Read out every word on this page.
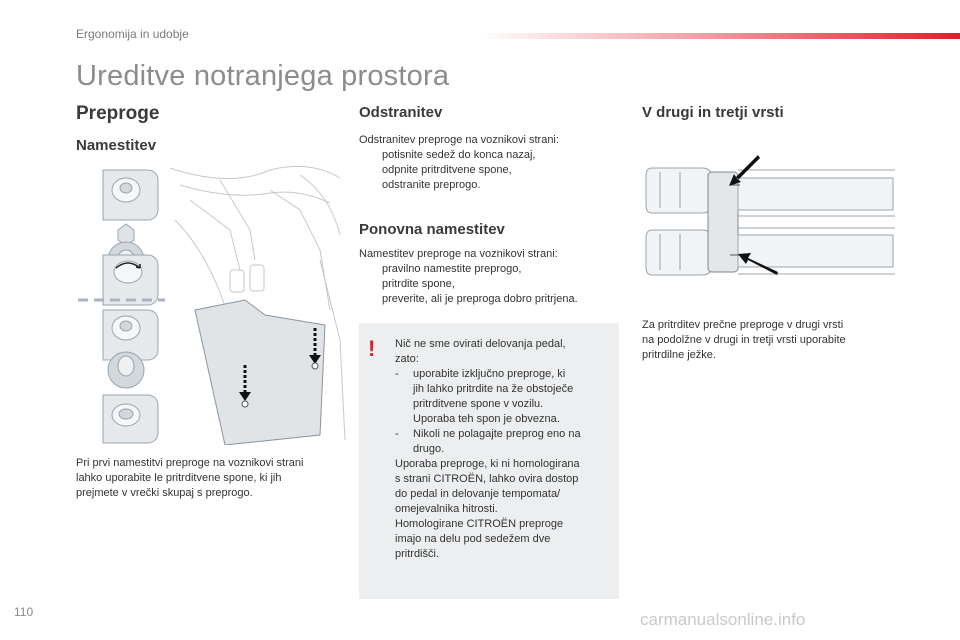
Ergonomija in udobje
Ureditve notranjega prostora
Preproge
Namestitev
Pri prvi namestitvi preproge na voznikovi strani
lahko uporabite le pritrditvene spone, ki jih
prejmete v vrečki skupaj s preprogo.
Odstranitev
Odstranitev preproge na voznikovi strani:
potisnite sedež do konca nazaj,
odpnite pritrditvene spone,
odstranite preprogo.
Ponovna namestitev
Namestitev preproge na voznikovi strani:
pravilno namestite preprogo,
pritrdite spone,
preverite, ali je preproga dobro pritrjena.
! Nič ne sme ovirati delovanja pedal,
zato:
- uporabite izključno preproge, ki
jih lahko pritrdite na že obstoječe
pritrditvene spone v vozilu.
Uporaba teh spon je obvezna.
- Nikoli ne polagajte preprog eno na
drugo.
Uporaba preproge, ki ni homologirana
s strani CITROËN, lahko ovira dostop
do pedal in delovanje tempomata/
omejevalnika hitrosti.
Homologirane CITROËN preproge
imajo na delu pod sedežem dve
pritrdišči.
V drugi in tretji vrsti
Za pritrditev prečne preproge v drugi vrsti
na podolžne v drugi in tretji vrsti uporabite
pritrdilne ježke.
110	carmanualsonline.info
